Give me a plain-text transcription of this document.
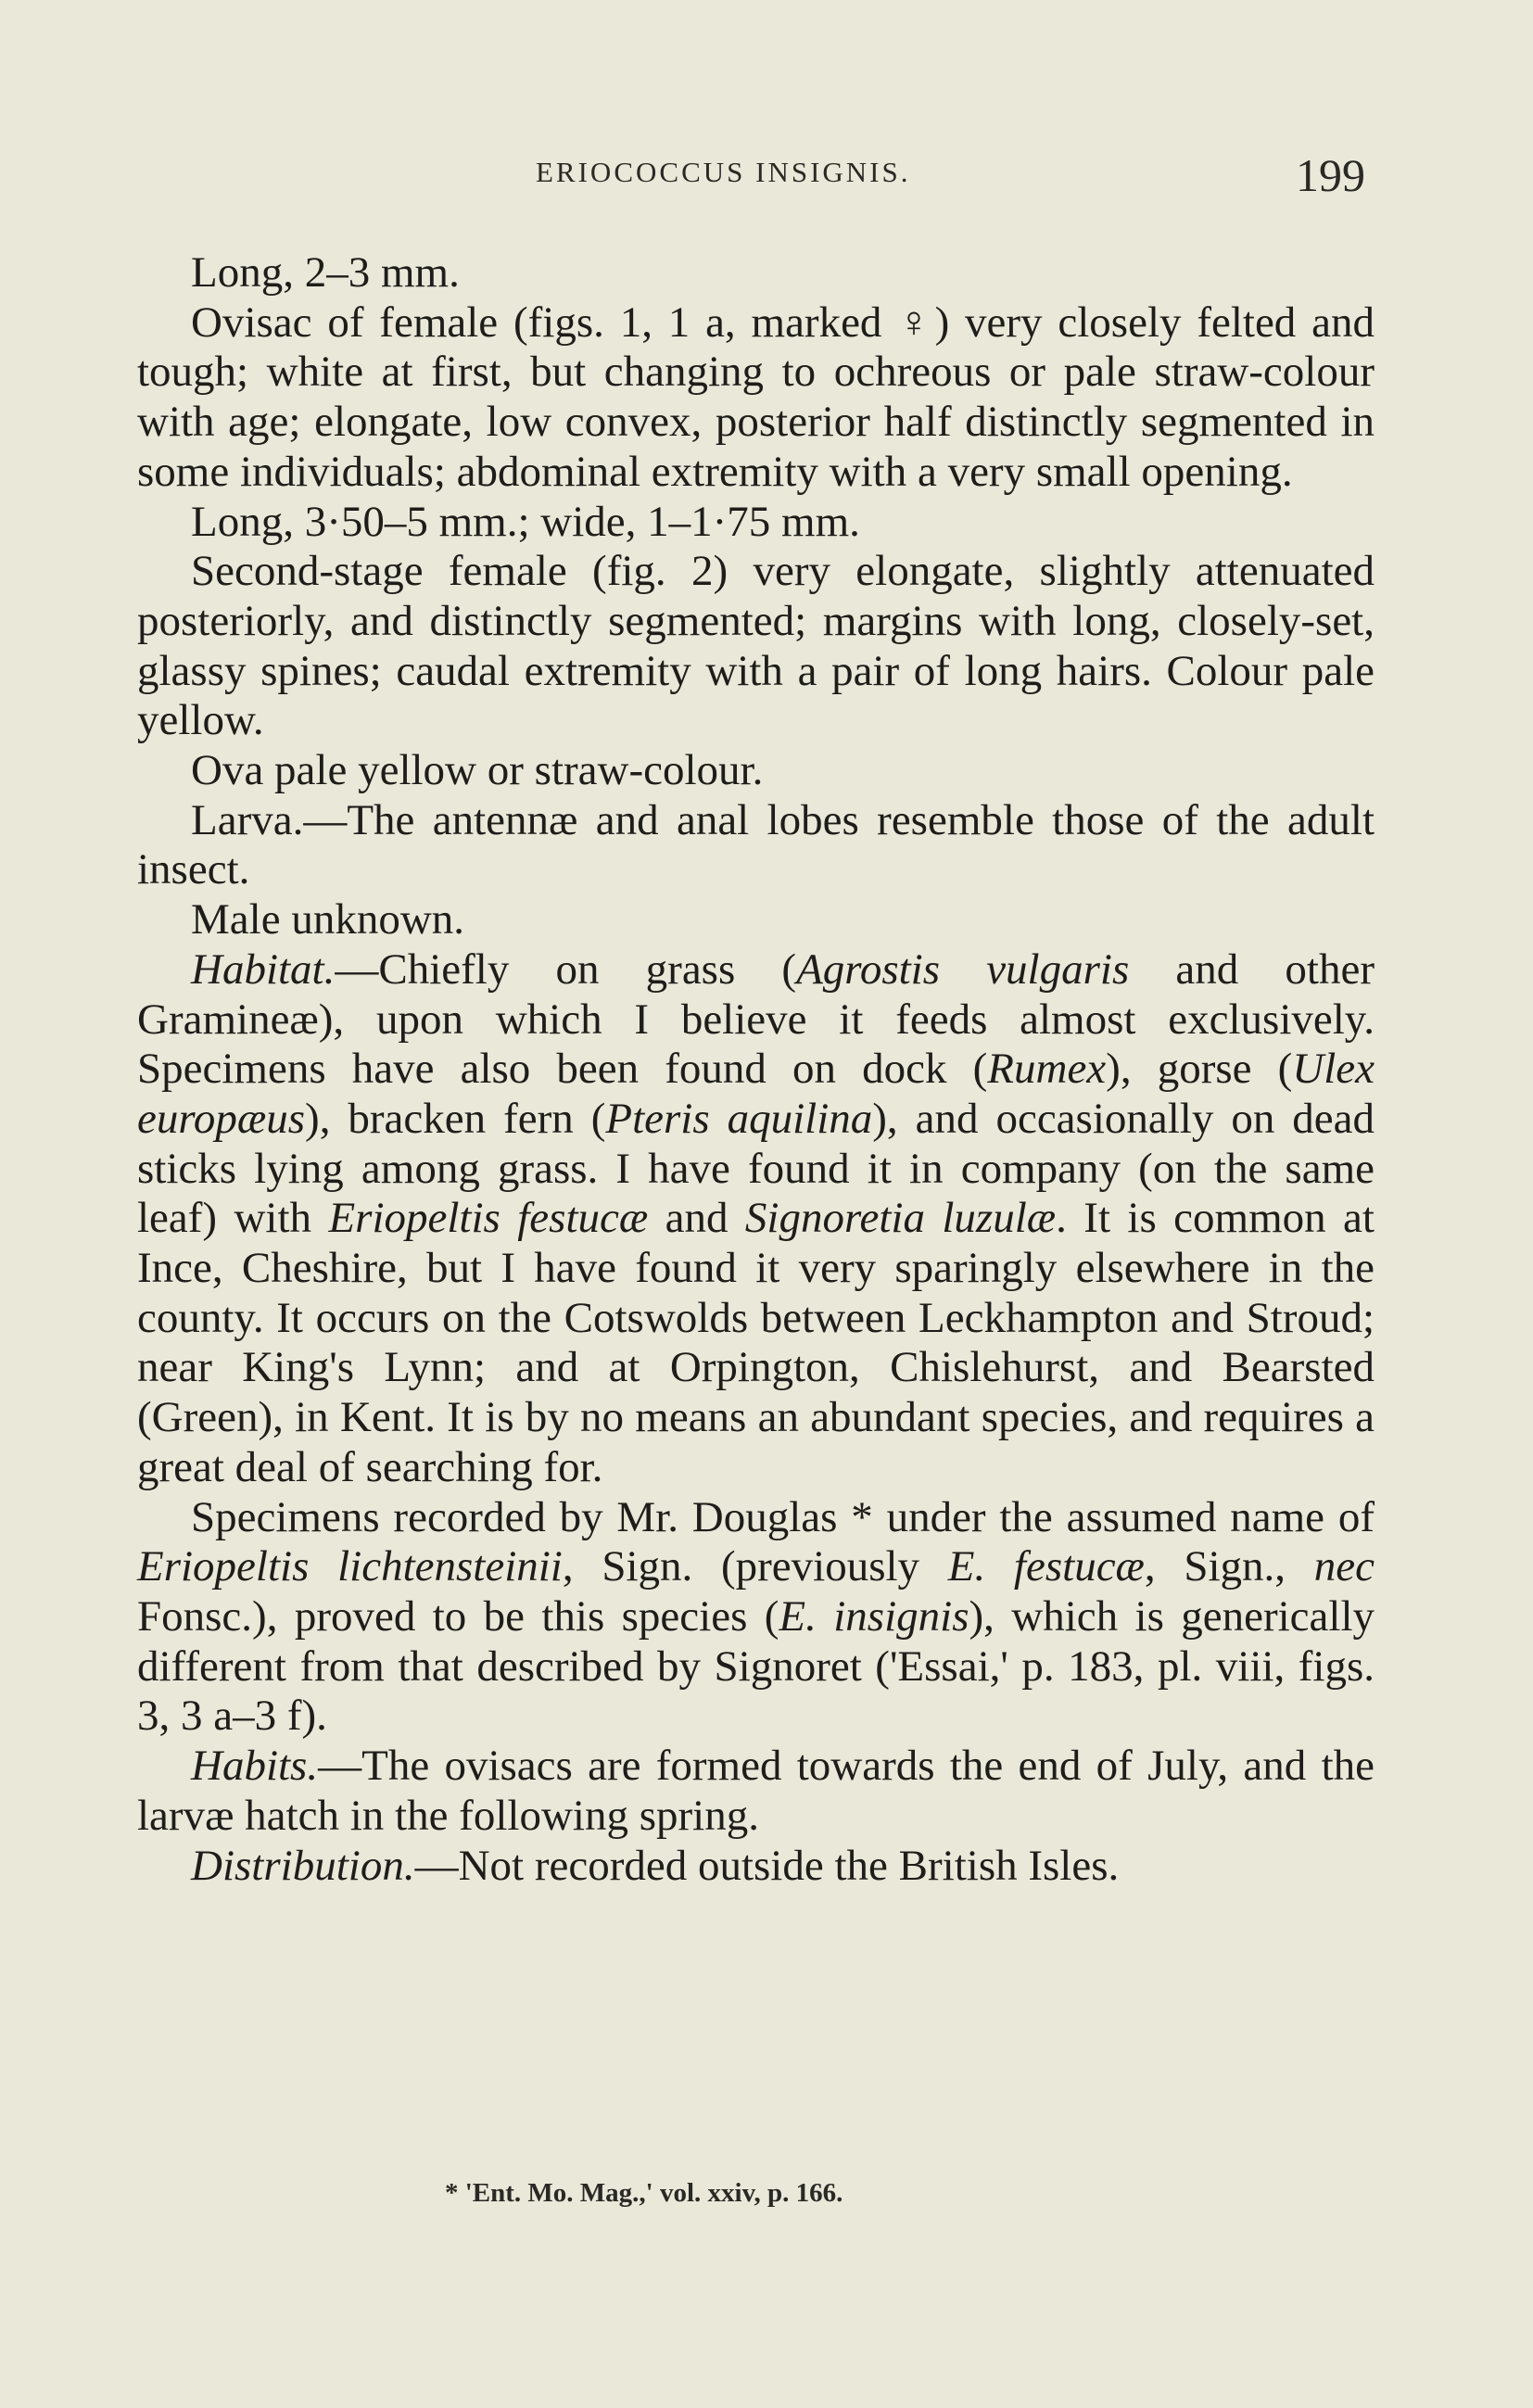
ERIOCOCCUS INSIGNIS.	199

Long, 2–3 mm.

Ovisac of female (figs. 1, 1 a, marked ♀) very closely felted and tough; white at first, but changing to ochreous or pale straw-colour with age; elongate, low convex, posterior half distinctly segmented in some individuals; abdominal extremity with a very small opening.

Long, 3·50–5 mm.; wide, 1–1·75 mm.

Second-stage female (fig. 2) very elongate, slightly attenuated posteriorly, and distinctly segmented; margins with long, closely-set, glassy spines; caudal extremity with a pair of long hairs. Colour pale yellow.

Ova pale yellow or straw-colour.

Larva.—The antennæ and anal lobes resemble those of the adult insect.

Male unknown.

Habitat.—Chiefly on grass (Agrostis vulgaris and other Gramineæ), upon which I believe it feeds almost exclusively. Specimens have also been found on dock (Rumex), gorse (Ulex europæus), bracken fern (Pteris aquilina), and occasionally on dead sticks lying among grass. I have found it in company (on the same leaf) with Eriopeltis festucæ and Signoretia luzulæ. It is common at Ince, Cheshire, but I have found it very sparingly elsewhere in the county. It occurs on the Cotswolds between Leckhampton and Stroud; near King's Lynn; and at Orpington, Chislehurst, and Bearsted (Green), in Kent. It is by no means an abundant species, and requires a great deal of searching for.

Specimens recorded by Mr. Douglas * under the assumed name of Eriopeltis lichtensteinii, Sign. (previously E. festucæ, Sign., nec Fonsc.), proved to be this species (E. insignis), which is generically different from that described by Signoret ('Essai,' p. 183, pl. viii, figs. 3, 3 a–3 f).

Habits.—The ovisacs are formed towards the end of July, and the larvæ hatch in the following spring.

Distribution.—Not recorded outside the British Isles.

* 'Ent. Mo. Mag.,' vol. xxiv, p. 166.
